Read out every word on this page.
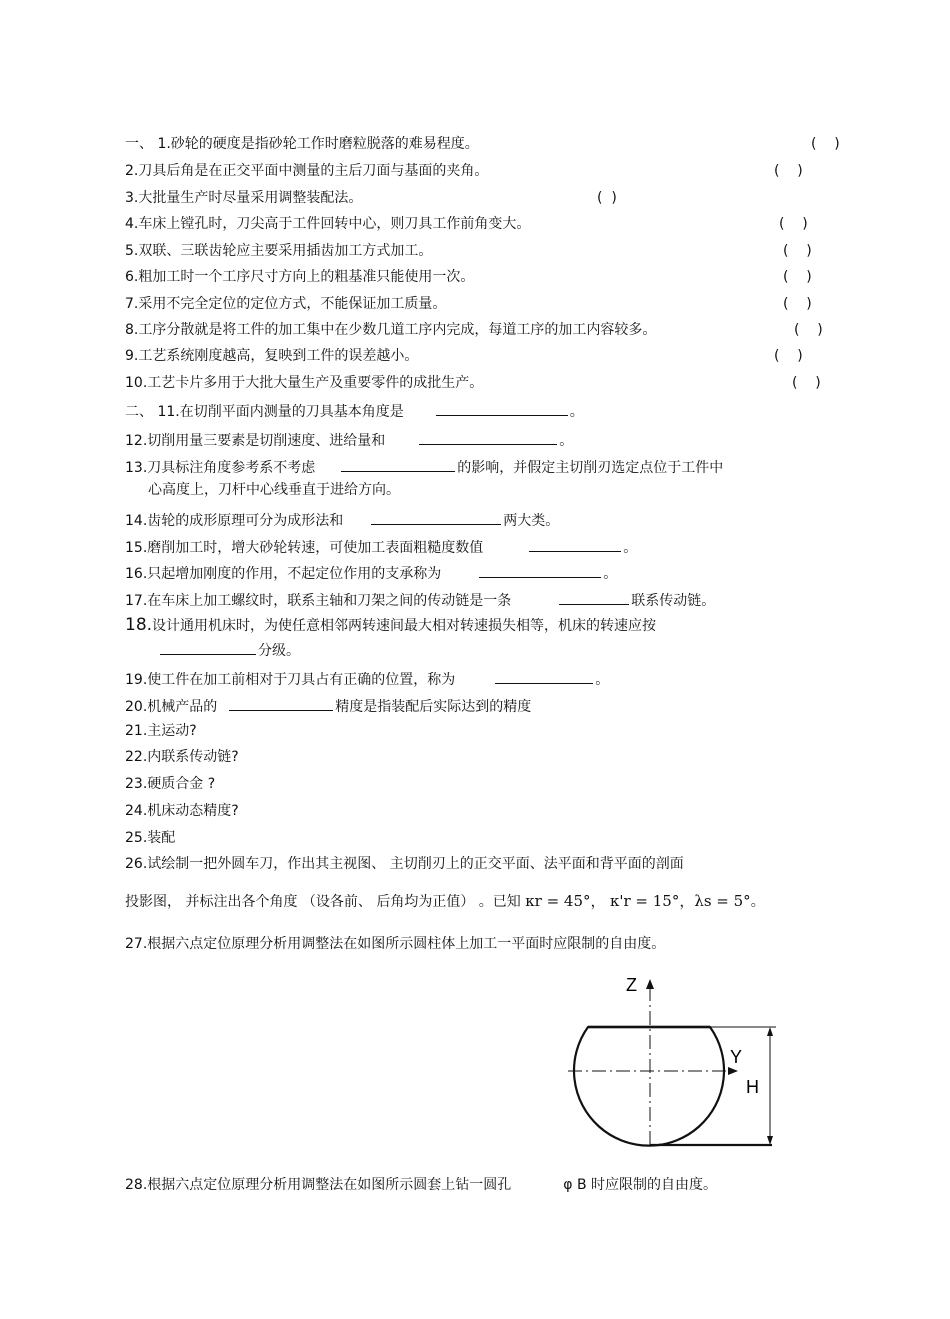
一、 1.砂轮的硬度是指砂轮工作时磨粒脱落的难易程度。	(    )
2.刀具后角是在正交平面中测量的主后刀面与基面的夹角。	(    )
3.大批量生产时尽量采用调整装配法。	(  )
4.车床上镗孔时，刀尖高于工件回转中心，则刀具工作前角变大。	(    )
5.双联、三联齿轮应主要采用插齿加工方式加工。	(    )
6.粗加工时一个工序尺寸方向上的粗基准只能使用一次。	(    )
7.采用不完全定位的定位方式，不能保证加工质量。	(    )
8.工序分散就是将工件的加工集中在少数几道工序内完成，每道工序的加工内容较多。	(    )
9.工艺系统刚度越高，复映到工件的误差越小。	(    )
10.工艺卡片多用于大批大量生产及重要零件的成批生产。	(    )
二、 11.在切削平面内测量的刀具基本角度是	。
12.切削用量三要素是切削速度、进给量和	。
13.刀具标注角度参考系不考虑	的影响，并假定主切削刃选定点位于工件中
心高度上，刀杆中心线垂直于进给方向。
14.齿轮的成形原理可分为成形法和	两大类。
15.磨削加工时，增大砂轮转速，可使加工表面粗糙度数值	。
16.只起增加刚度的作用，不起定位作用的支承称为	。
17.在车床上加工螺纹时，联系主轴和刀架之间的传动链是一条	联系传动链。
18.设计通用机床时，为使任意相邻两转速间最大相对转速损失相等，机床的转速应按
分级。
19.使工件在加工前相对于刀具占有正确的位置，称为	。
20.机械产品的	精度是指装配后实际达到的精度
21.主运动?
22.内联系传动链?
23.硬质合金 ?
24.机床动态精度?
25.装配
26.试绘制一把外圆车刀，作出其主视图、 主切削刃上的正交平面、法平面和背平面的剖面
投影图， 并标注出各个角度 （设各前、 后角均为正值） 。已知 κr = 45°， κ'r = 15°，λs = 5°。
27.根据六点定位原理分析用调整法在如图所示圆柱体上加工一平面时应限制的自由度。
Z
Y
H
28.根据六点定位原理分析用调整法在如图所示圆套上钻一圆孔	φ B 时应限制的自由度。
